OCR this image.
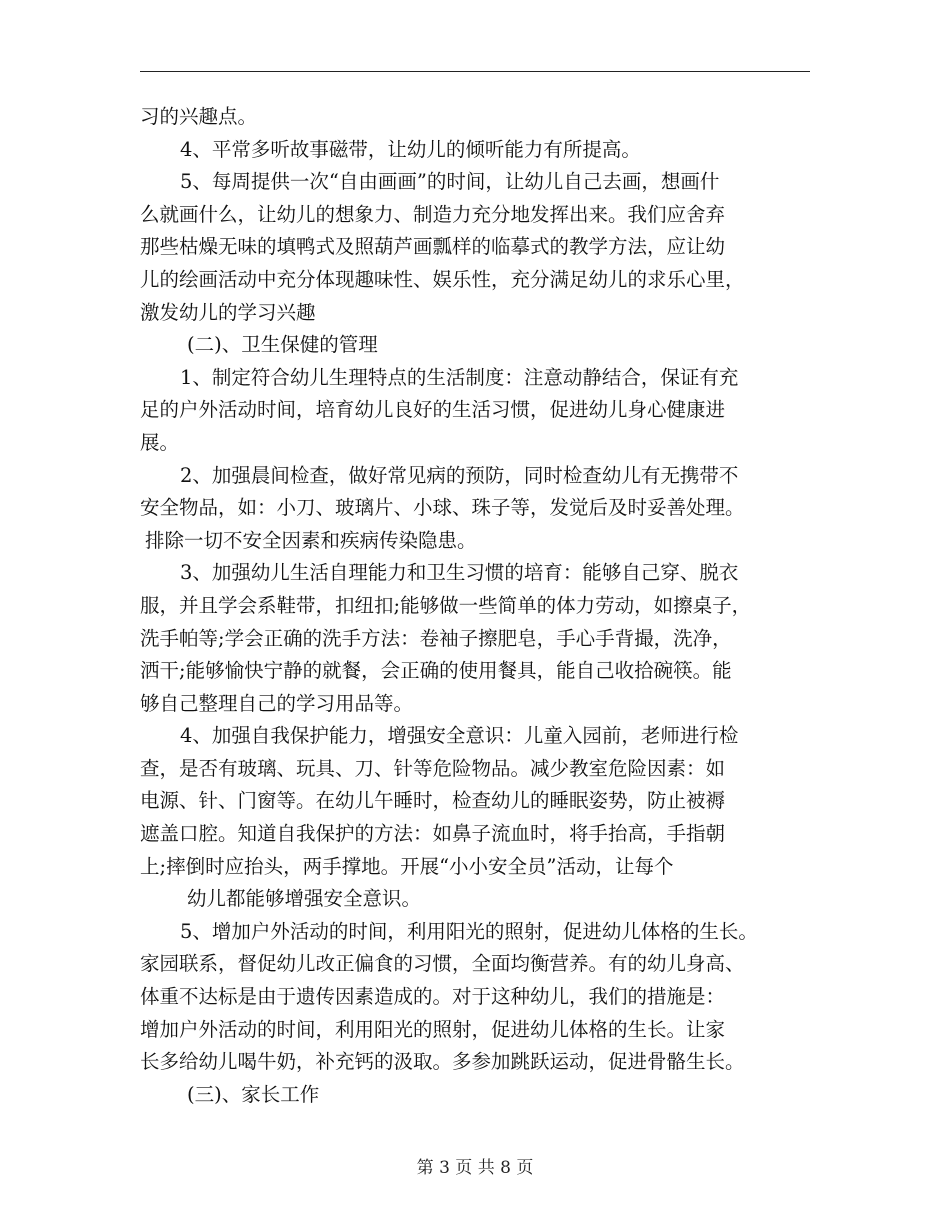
习的兴趣点。
4、平常多听故事磁带，让幼儿的倾听能力有所提高。
5、每周提供一次“自由画画”的时间，让幼儿自己去画，想画什
么就画什么，让幼儿的想象力、制造力充分地发挥出来。我们应舍弃
那些枯燥无味的填鸭式及照葫芦画瓢样的临摹式的教学方法，应让幼
儿的绘画活动中充分体现趣味性、娱乐性，充分满足幼儿的求乐心里，
激发幼儿的学习兴趣
(二)、卫生保健的管理
1、制定符合幼儿生理特点的生活制度：注意动静结合，保证有充
足的户外活动时间，培育幼儿良好的生活习惯，促进幼儿身心健康进
展。
2、加强晨间检查，做好常见病的预防，同时检查幼儿有无携带不
安全物品，如：小刀、玻璃片、小球、珠子等，发觉后及时妥善处理。
排除一切不安全因素和疾病传染隐患。
3、加强幼儿生活自理能力和卫生习惯的培育：能够自己穿、脱衣
服，并且学会系鞋带，扣纽扣;能够做一些简单的体力劳动，如擦桌子，
洗手帕等;学会正确的洗手方法：卷袖子擦肥皂，手心手背撮，洗净，
洒干;能够愉快宁静的就餐，会正确的使用餐具，能自己收拾碗筷。能
够自己整理自己的学习用品等。
4、加强自我保护能力，增强安全意识：儿童入园前，老师进行检
查，是否有玻璃、玩具、刀、针等危险物品。减少教室危险因素：如
电源、针、门窗等。在幼儿午睡时，检查幼儿的睡眠姿势，防止被褥
遮盖口腔。知道自我保护的方法：如鼻子流血时，将手抬高，手指朝
上;摔倒时应抬头，两手撑地。开展“小小安全员”活动，让每个
幼儿都能够增强安全意识。
5、增加户外活动的时间，利用阳光的照射，促进幼儿体格的生长。
家园联系，督促幼儿改正偏食的习惯，全面均衡营养。有的幼儿身高、
体重不达标是由于遗传因素造成的。对于这种幼儿，我们的措施是：
增加户外活动的时间，利用阳光的照射，促进幼儿体格的生长。让家
长多给幼儿喝牛奶，补充钙的汲取。多参加跳跃运动，促进骨骼生长。
(三)、家长工作
第 3 页 共 8 页
